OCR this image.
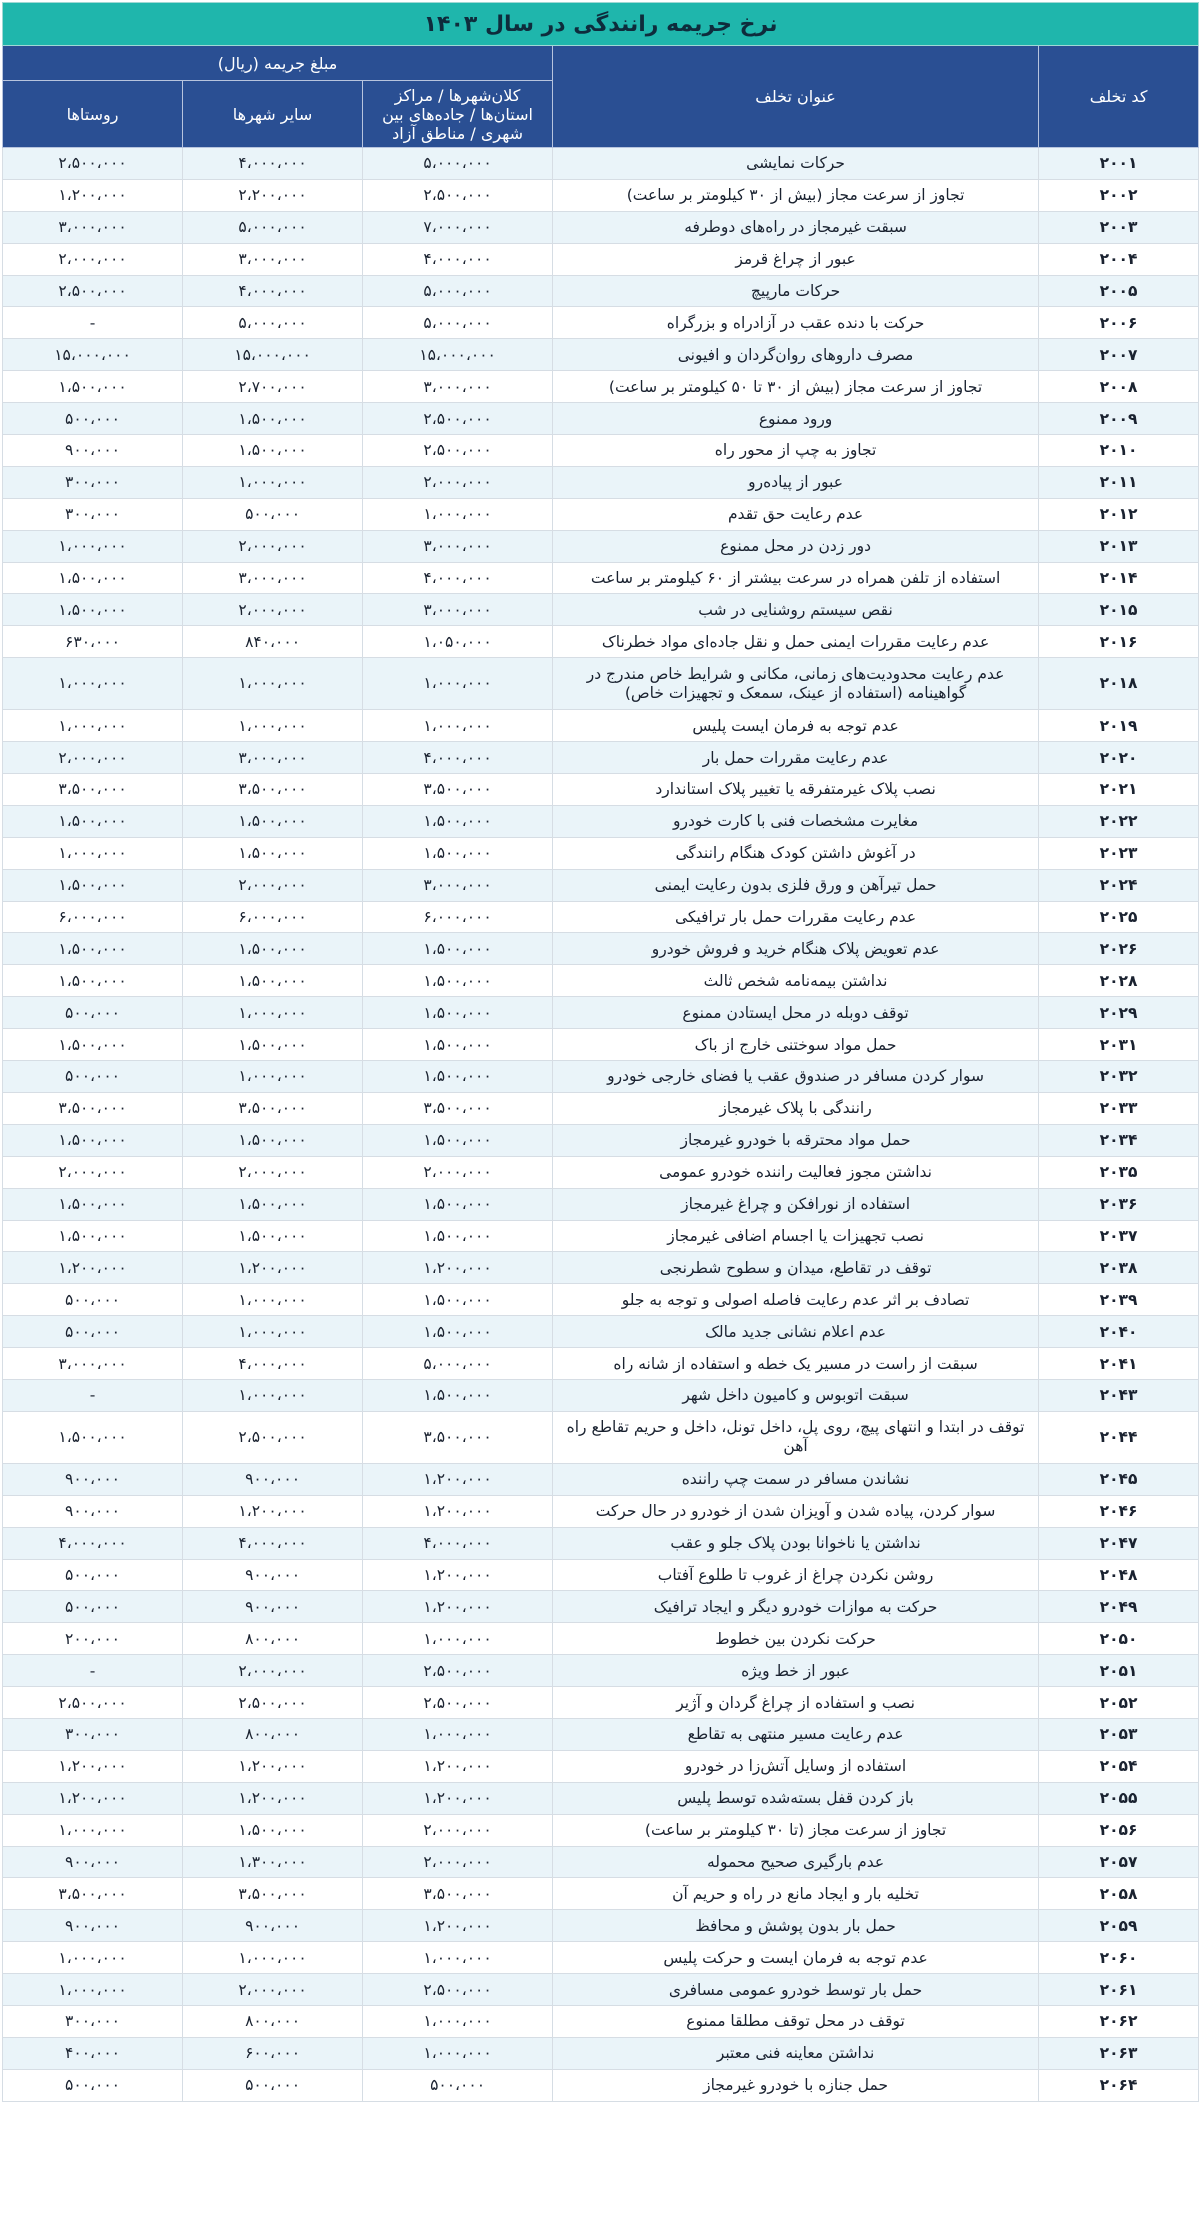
نرخ جریمه رانندگی در سال ۱۴۰۳				
کد تخلف	عنوان تخلف	مبلغ جریمه (ریال)		
		کلان‌شهرها / مراکز استان‌ها / جاده‌های بین شهری / مناطق آزاد	سایر شهرها	روستاها
۲۰۰۱	حرکات نمایشی	۵،۰۰۰،۰۰۰	۴،۰۰۰،۰۰۰	۲،۵۰۰،۰۰۰
۲۰۰۲	تجاوز از سرعت مجاز (بیش از ۳۰ کیلومتر بر ساعت)	۲،۵۰۰،۰۰۰	۲،۲۰۰،۰۰۰	۱،۲۰۰،۰۰۰
۲۰۰۳	سبقت غیرمجاز در راه‌های دوطرفه	۷،۰۰۰،۰۰۰	۵،۰۰۰،۰۰۰	۳،۰۰۰،۰۰۰
۲۰۰۴	عبور از چراغ قرمز	۴،۰۰۰،۰۰۰	۳،۰۰۰،۰۰۰	۲،۰۰۰،۰۰۰
۲۰۰۵	حرکات مارپیچ	۵،۰۰۰،۰۰۰	۴،۰۰۰،۰۰۰	۲،۵۰۰،۰۰۰
۲۰۰۶	حرکت با دنده عقب در آزادراه و بزرگراه	۵،۰۰۰،۰۰۰	۵،۰۰۰،۰۰۰	-
۲۰۰۷	مصرف داروهای روان‌گردان و افیونی	۱۵،۰۰۰،۰۰۰	۱۵،۰۰۰،۰۰۰	۱۵،۰۰۰،۰۰۰
۲۰۰۸	تجاوز از سرعت مجاز (بیش از ۳۰ تا ۵۰ کیلومتر بر ساعت)	۳،۰۰۰،۰۰۰	۲،۷۰۰،۰۰۰	۱،۵۰۰،۰۰۰
۲۰۰۹	ورود ممنوع	۲،۵۰۰،۰۰۰	۱،۵۰۰،۰۰۰	۵۰۰،۰۰۰
۲۰۱۰	تجاوز به چپ از محور راه	۲،۵۰۰،۰۰۰	۱،۵۰۰،۰۰۰	۹۰۰،۰۰۰
۲۰۱۱	عبور از پیاده‌رو	۲،۰۰۰،۰۰۰	۱،۰۰۰،۰۰۰	۳۰۰،۰۰۰
۲۰۱۲	عدم رعایت حق تقدم	۱،۰۰۰،۰۰۰	۵۰۰،۰۰۰	۳۰۰،۰۰۰
۲۰۱۳	دور زدن در محل ممنوع	۳،۰۰۰،۰۰۰	۲،۰۰۰،۰۰۰	۱،۰۰۰،۰۰۰
۲۰۱۴	استفاده از تلفن همراه در سرعت بیشتر از ۶۰ کیلومتر بر ساعت	۴،۰۰۰،۰۰۰	۳،۰۰۰،۰۰۰	۱،۵۰۰،۰۰۰
۲۰۱۵	نقص سیستم روشنایی در شب	۳،۰۰۰،۰۰۰	۲،۰۰۰،۰۰۰	۱،۵۰۰،۰۰۰
۲۰۱۶	عدم رعایت مقررات ایمنی حمل و نقل جاده‌ای مواد خطرناک	۱،۰۵۰،۰۰۰	۸۴۰،۰۰۰	۶۳۰،۰۰۰
۲۰۱۸	عدم رعایت محدودیت‌های زمانی، مکانی و شرایط خاص مندرج در گواهینامه (استفاده از عینک، سمعک و تجهیزات خاص)	۱،۰۰۰،۰۰۰	۱،۰۰۰،۰۰۰	۱،۰۰۰،۰۰۰
۲۰۱۹	عدم توجه به فرمان ایست پلیس	۱،۰۰۰،۰۰۰	۱،۰۰۰،۰۰۰	۱،۰۰۰،۰۰۰
۲۰۲۰	عدم رعایت مقررات حمل بار	۴،۰۰۰،۰۰۰	۳،۰۰۰،۰۰۰	۲،۰۰۰،۰۰۰
۲۰۲۱	نصب پلاک غیرمتفرقه یا تغییر پلاک استاندارد	۳،۵۰۰،۰۰۰	۳،۵۰۰،۰۰۰	۳،۵۰۰،۰۰۰
۲۰۲۲	مغایرت مشخصات فنی با کارت خودرو	۱،۵۰۰،۰۰۰	۱،۵۰۰،۰۰۰	۱،۵۰۰،۰۰۰
۲۰۲۳	در آغوش داشتن کودک هنگام رانندگی	۱،۵۰۰،۰۰۰	۱،۵۰۰،۰۰۰	۱،۰۰۰،۰۰۰
۲۰۲۴	حمل تیرآهن و ورق فلزی بدون رعایت ایمنی	۳،۰۰۰،۰۰۰	۲،۰۰۰،۰۰۰	۱،۵۰۰،۰۰۰
۲۰۲۵	عدم رعایت مقررات حمل بار ترافیکی	۶،۰۰۰،۰۰۰	۶،۰۰۰،۰۰۰	۶،۰۰۰،۰۰۰
۲۰۲۶	عدم تعویض پلاک هنگام خرید و فروش خودرو	۱،۵۰۰،۰۰۰	۱،۵۰۰،۰۰۰	۱،۵۰۰،۰۰۰
۲۰۲۸	نداشتن بیمه‌نامه شخص ثالث	۱،۵۰۰،۰۰۰	۱،۵۰۰،۰۰۰	۱،۵۰۰،۰۰۰
۲۰۲۹	توقف دوبله در محل ایستادن ممنوع	۱،۵۰۰،۰۰۰	۱،۰۰۰،۰۰۰	۵۰۰،۰۰۰
۲۰۳۱	حمل مواد سوختنی خارج از باک	۱،۵۰۰،۰۰۰	۱،۵۰۰،۰۰۰	۱،۵۰۰،۰۰۰
۲۰۳۲	سوار کردن مسافر در صندوق عقب یا فضای خارجی خودرو	۱،۵۰۰،۰۰۰	۱،۰۰۰،۰۰۰	۵۰۰،۰۰۰
۲۰۳۳	رانندگی با پلاک غیرمجاز	۳،۵۰۰،۰۰۰	۳،۵۰۰،۰۰۰	۳،۵۰۰،۰۰۰
۲۰۳۴	حمل مواد محترقه با خودرو غیرمجاز	۱،۵۰۰،۰۰۰	۱،۵۰۰،۰۰۰	۱،۵۰۰،۰۰۰
۲۰۳۵	نداشتن مجوز فعالیت راننده خودرو عمومی	۲،۰۰۰،۰۰۰	۲،۰۰۰،۰۰۰	۲،۰۰۰،۰۰۰
۲۰۳۶	استفاده از نورافکن و چراغ غیرمجاز	۱،۵۰۰،۰۰۰	۱،۵۰۰،۰۰۰	۱،۵۰۰،۰۰۰
۲۰۳۷	نصب تجهیزات یا اجسام اضافی غیرمجاز	۱،۵۰۰،۰۰۰	۱،۵۰۰،۰۰۰	۱،۵۰۰،۰۰۰
۲۰۳۸	توقف در تقاطع، میدان و سطوح شطرنجی	۱،۲۰۰،۰۰۰	۱،۲۰۰،۰۰۰	۱،۲۰۰،۰۰۰
۲۰۳۹	تصادف بر اثر عدم رعایت فاصله اصولی و توجه به جلو	۱،۵۰۰،۰۰۰	۱،۰۰۰،۰۰۰	۵۰۰،۰۰۰
۲۰۴۰	عدم اعلام نشانی جدید مالک	۱،۵۰۰،۰۰۰	۱،۰۰۰،۰۰۰	۵۰۰،۰۰۰
۲۰۴۱	سبقت از راست در مسیر یک خطه و استفاده از شانه راه	۵،۰۰۰،۰۰۰	۴،۰۰۰،۰۰۰	۳،۰۰۰،۰۰۰
۲۰۴۳	سبقت اتوبوس و کامیون داخل شهر	۱،۵۰۰،۰۰۰	۱،۰۰۰،۰۰۰	-
۲۰۴۴	توقف در ابتدا و انتهای پیچ، روی پل، داخل تونل، داخل و حریم تقاطع راه آهن	۳،۵۰۰،۰۰۰	۲،۵۰۰،۰۰۰	۱،۵۰۰،۰۰۰
۲۰۴۵	نشاندن مسافر در سمت چپ راننده	۱،۲۰۰،۰۰۰	۹۰۰،۰۰۰	۹۰۰،۰۰۰
۲۰۴۶	سوار کردن، پیاده شدن و آویزان شدن از خودرو در حال حرکت	۱،۲۰۰،۰۰۰	۱،۲۰۰،۰۰۰	۹۰۰،۰۰۰
۲۰۴۷	نداشتن یا ناخوانا بودن پلاک جلو و عقب	۴،۰۰۰،۰۰۰	۴،۰۰۰،۰۰۰	۴،۰۰۰،۰۰۰
۲۰۴۸	روشن نکردن چراغ از غروب تا طلوع آفتاب	۱،۲۰۰،۰۰۰	۹۰۰،۰۰۰	۵۰۰،۰۰۰
۲۰۴۹	حرکت به موازات خودرو دیگر و ایجاد ترافیک	۱،۲۰۰،۰۰۰	۹۰۰،۰۰۰	۵۰۰،۰۰۰
۲۰۵۰	حرکت نکردن بین خطوط	۱،۰۰۰،۰۰۰	۸۰۰،۰۰۰	۲۰۰،۰۰۰
۲۰۵۱	عبور از خط ویژه	۲،۵۰۰،۰۰۰	۲،۰۰۰،۰۰۰	-
۲۰۵۲	نصب و استفاده از چراغ گردان و آژیر	۲،۵۰۰،۰۰۰	۲،۵۰۰،۰۰۰	۲،۵۰۰،۰۰۰
۲۰۵۳	عدم رعایت مسیر منتهی به تقاطع	۱،۰۰۰،۰۰۰	۸۰۰،۰۰۰	۳۰۰،۰۰۰
۲۰۵۴	استفاده از وسایل آتش‌زا در خودرو	۱،۲۰۰،۰۰۰	۱،۲۰۰،۰۰۰	۱،۲۰۰،۰۰۰
۲۰۵۵	باز کردن قفل بسته‌شده توسط پلیس	۱،۲۰۰،۰۰۰	۱،۲۰۰،۰۰۰	۱،۲۰۰،۰۰۰
۲۰۵۶	تجاوز از سرعت مجاز (تا ۳۰ کیلومتر بر ساعت)	۲،۰۰۰،۰۰۰	۱،۵۰۰،۰۰۰	۱،۰۰۰،۰۰۰
۲۰۵۷	عدم بارگیری صحیح محموله	۲،۰۰۰،۰۰۰	۱،۳۰۰،۰۰۰	۹۰۰،۰۰۰
۲۰۵۸	تخلیه بار و ایجاد مانع در راه و حریم آن	۳،۵۰۰،۰۰۰	۳،۵۰۰،۰۰۰	۳،۵۰۰،۰۰۰
۲۰۵۹	حمل بار بدون پوشش و محافظ	۱،۲۰۰،۰۰۰	۹۰۰،۰۰۰	۹۰۰،۰۰۰
۲۰۶۰	عدم توجه به فرمان ایست و حرکت پلیس	۱،۰۰۰،۰۰۰	۱،۰۰۰،۰۰۰	۱،۰۰۰،۰۰۰
۲۰۶۱	حمل بار توسط خودرو عمومی مسافری	۲،۵۰۰،۰۰۰	۲،۰۰۰،۰۰۰	۱،۰۰۰،۰۰۰
۲۰۶۲	توقف در محل توقف مطلقا ممنوع	۱،۰۰۰،۰۰۰	۸۰۰،۰۰۰	۳۰۰،۰۰۰
۲۰۶۳	نداشتن معاینه فنی معتبر	۱،۰۰۰،۰۰۰	۶۰۰،۰۰۰	۴۰۰،۰۰۰
۲۰۶۴	حمل جنازه با خودرو غیرمجاز	۵۰۰،۰۰۰	۵۰۰،۰۰۰	۵۰۰،۰۰۰
